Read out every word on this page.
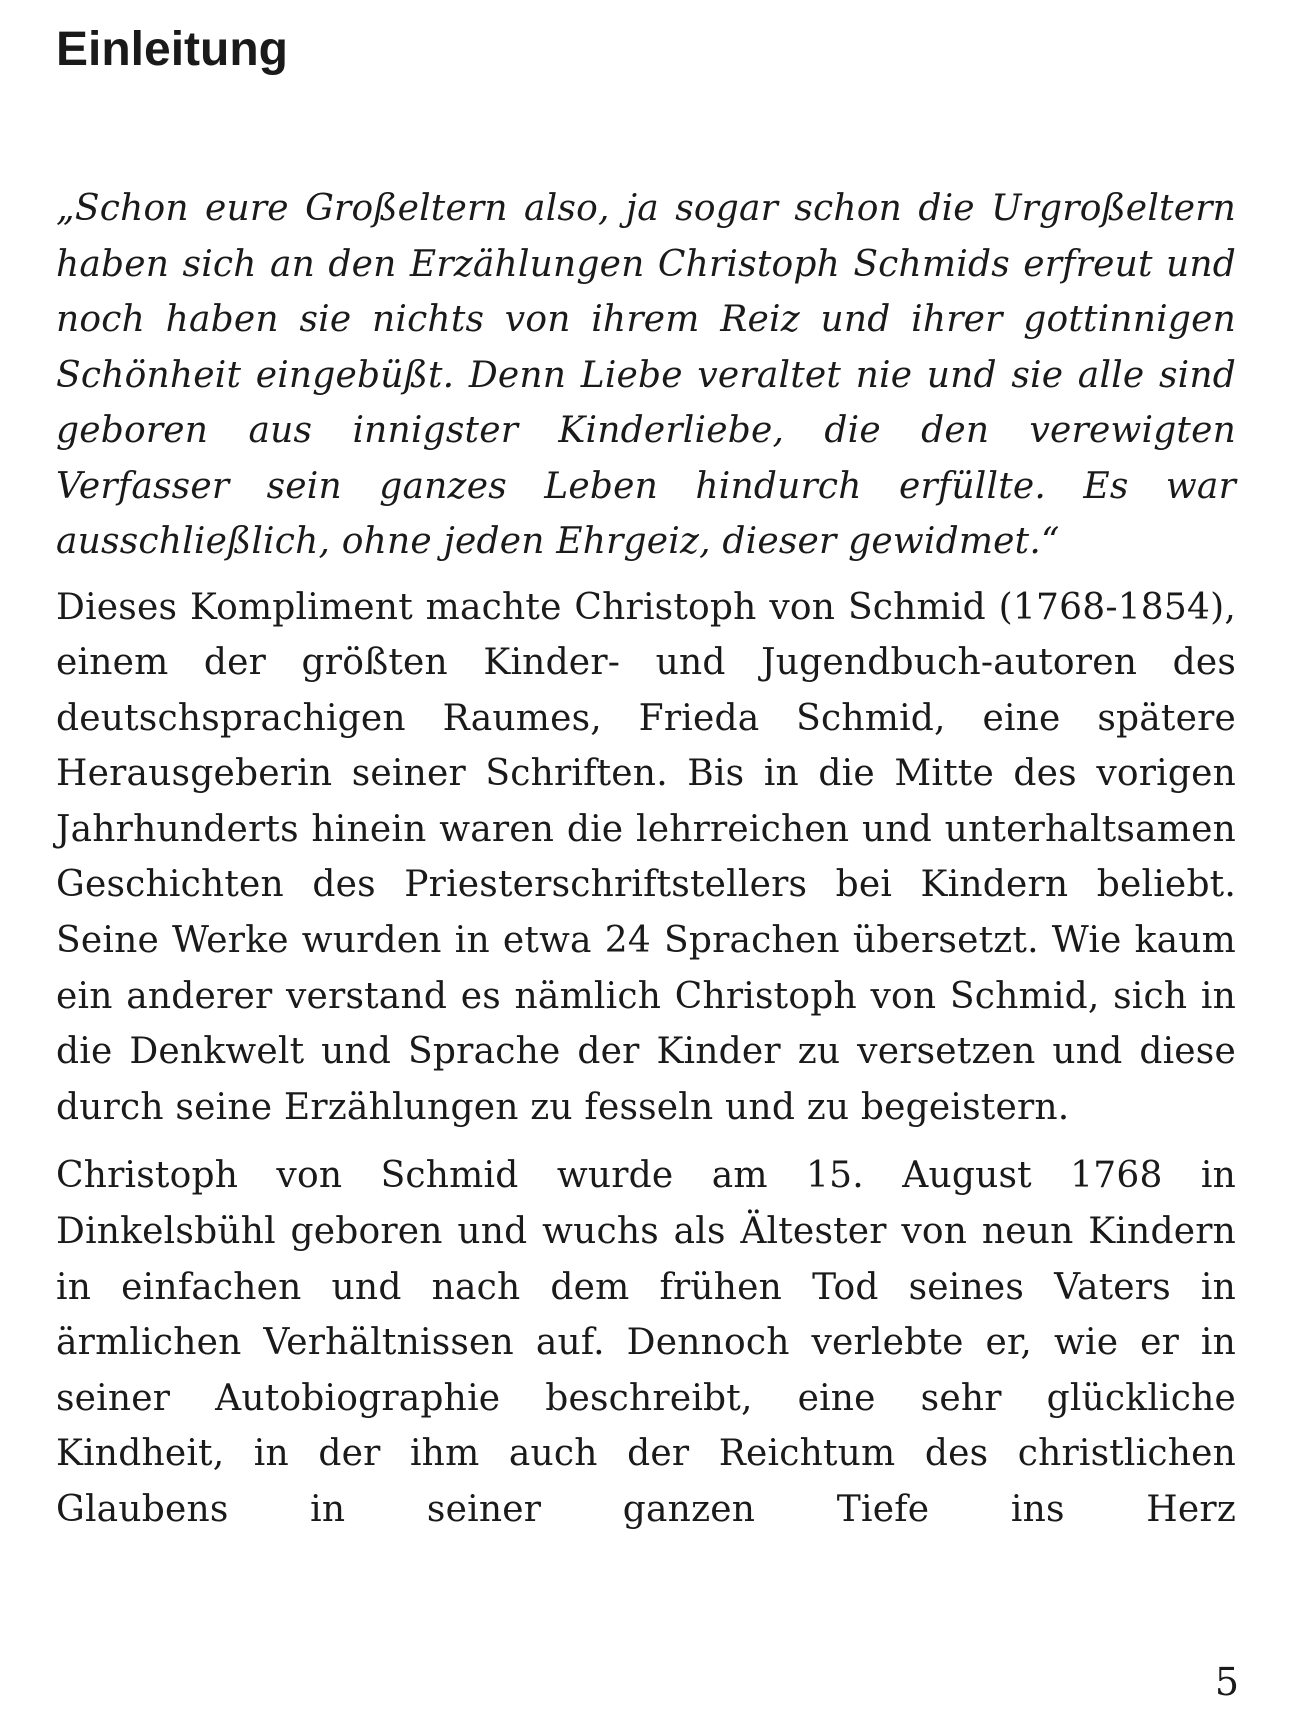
Einleitung

„Schon eure Großeltern also, ja sogar schon die Urgroßeltern haben sich an den Erzählungen Christoph Schmids erfreut und noch haben sie nichts von ihrem Reiz und ihrer gottinnigen Schönheit eingebüßt. Denn Liebe veraltet nie und sie alle sind geboren aus innigster Kinderliebe, die den verewigten Verfasser sein ganzes Leben hindurch erfüllte. Es war ausschließlich, ohne jeden Ehrgeiz, dieser gewidmet.“

Dieses Kompliment machte Christoph von Schmid (1768-1854), einem der größten Kinder- und Jugendbuch-autoren des deutschsprachigen Raumes, Frieda Schmid, eine spätere Herausgeberin seiner Schriften. Bis in die Mitte des vorigen Jahrhunderts hinein waren die lehrreichen und unterhaltsamen Geschichten des Priesterschriftstellers bei Kindern beliebt. Seine Werke wurden in etwa 24 Sprachen übersetzt. Wie kaum ein anderer verstand es nämlich Christoph von Schmid, sich in die Denkwelt und Sprache der Kinder zu versetzen und diese durch seine Erzählungen zu fesseln und zu begeistern.

Christoph von Schmid wurde am 15. August 1768 in Dinkelsbühl geboren und wuchs als Ältester von neun Kindern in einfachen und nach dem frühen Tod seines Vaters in ärmlichen Verhältnissen auf. Dennoch verlebte er, wie er in seiner Autobiographie beschreibt, eine sehr glückliche Kindheit, in der ihm auch der Reichtum des christlichen Glaubens in seiner ganzen Tiefe ins Herz

5
